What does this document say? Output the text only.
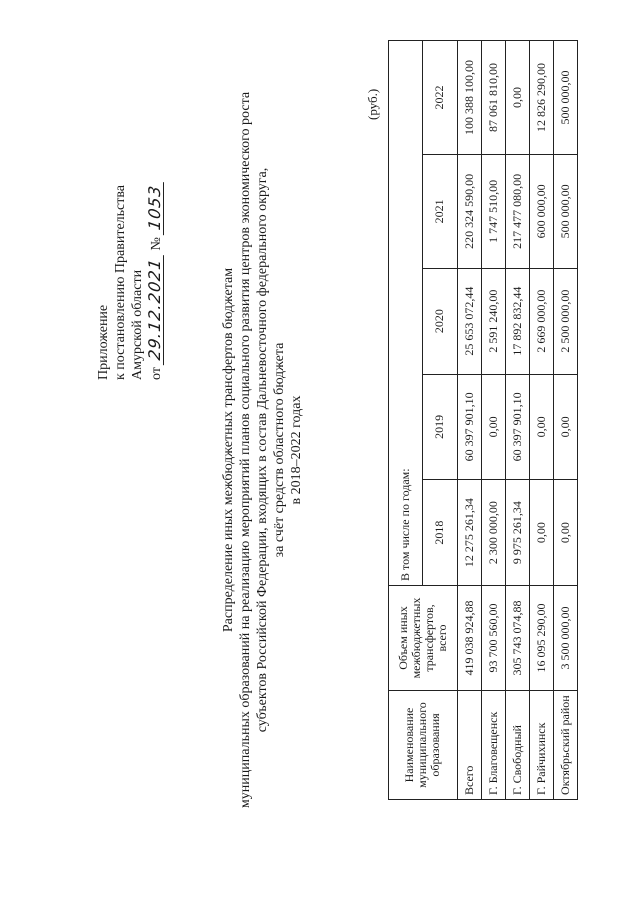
Приложение к постановлению Правительства Амурской области от 29.12.2021 № 1053
Распределение иных межбюджетных трансфертов бюджетам муниципальных образований на реализацию мероприятий планов социального развития центров экономического роста субъектов Российской Федерации, входящих в состав Дальневосточного федерального округа, за счёт средств областного бюджета в 2018–2022 годах
(руб.)
Наименование муниципального образования	Объем иных межбюджетных трансфертов, всего	В том числе по годам:				
		2018	2019	2020	2021	2022
Всего	419 038 924,88	12 275 261,34	60 397 901,10	25 653 072,44	220 324 590,00	100 388 100,00
Г. Благовещенск	93 700 560,00	2 300 000,00	0,00	2 591 240,00	1 747 510,00	87 061 810,00
Г. Свободный	305 743 074,88	9 975 261,34	60 397 901,10	17 892 832,44	217 477 080,00	0,00
Г. Райчихинск	16 095 290,00	0,00	0,00	2 669 000,00	600 000,00	12 826 290,00
Октябрьский район	3 500 000,00	0,00	0,00	2 500 000,00	500 000,00	500 000,00
